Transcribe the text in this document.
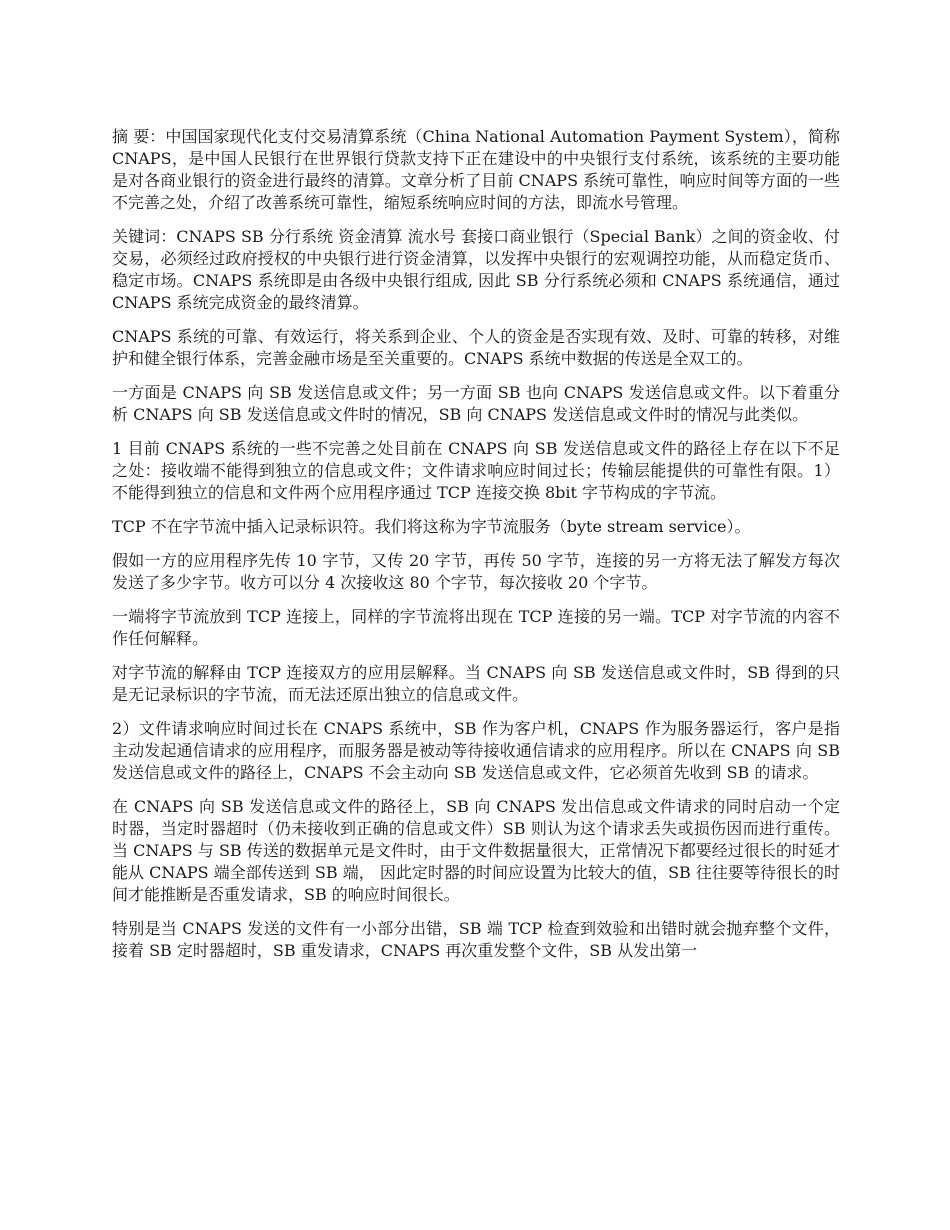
摘 要：中国国家现代化支付交易清算系统（China National Automation Payment System），简称 CNAPS，是中国人民银行在世界银行贷款支持下正在建设中的中央银行支付系统，该系统的主要功能是对各商业银行的资金进行最终的清算。文章分析了目前 CNAPS 系统可靠性，响应时间等方面的一些不完善之处，介绍了改善系统可靠性，缩短系统响应时间的方法，即流水号管理。

关键词：CNAPS SB 分行系统 资金清算 流水号 套接口商业银行（Special Bank）之间的资金收、付交易，必须经过政府授权的中央银行进行资金清算，以发挥中央银行的宏观调控功能，从而稳定货币、稳定市场。CNAPS 系统即是由各级中央银行组成, 因此 SB 分行系统必须和 CNAPS 系统通信，通过 CNAPS 系统完成资金的最终清算。

CNAPS 系统的可靠、有效运行，将关系到企业、个人的资金是否实现有效、及时、可靠的转移，对维护和健全银行体系，完善金融市场是至关重要的。CNAPS 系统中数据的传送是全双工的。

一方面是 CNAPS 向 SB 发送信息或文件；另一方面 SB 也向 CNAPS 发送信息或文件。以下着重分析 CNAPS 向 SB 发送信息或文件时的情况，SB 向 CNAPS 发送信息或文件时的情况与此类似。

1 目前 CNAPS 系统的一些不完善之处目前在 CNAPS 向 SB 发送信息或文件的路径上存在以下不足之处：接收端不能得到独立的信息或文件；文件请求响应时间过长；传输层能提供的可靠性有限。1） 不能得到独立的信息和文件两个应用程序通过 TCP 连接交换 8bit 字节构成的字节流。

TCP 不在字节流中插入记录标识符。我们将这称为字节流服务（byte stream service）。

假如一方的应用程序先传 10 字节，又传 20 字节，再传 50 字节，连接的另一方将无法了解发方每次发送了多少字节。收方可以分 4 次接收这 80 个字节，每次接收 20 个字节。

一端将字节流放到 TCP 连接上，同样的字节流将出现在 TCP 连接的另一端。TCP 对字节流的内容不作任何解释。

对字节流的解释由 TCP 连接双方的应用层解释。当 CNAPS 向 SB 发送信息或文件时，SB 得到的只是无记录标识的字节流，而无法还原出独立的信息或文件。

2）文件请求响应时间过长在 CNAPS 系统中，SB 作为客户机，CNAPS 作为服务器运行，客户是指主动发起通信请求的应用程序，而服务器是被动等待接收通信请求的应用程序。所以在 CNAPS 向 SB 发送信息或文件的路径上，CNAPS 不会主动向 SB 发送信息或文件，它必须首先收到 SB 的请求。

在 CNAPS 向 SB 发送信息或文件的路径上，SB 向 CNAPS 发出信息或文件请求的同时启动一个定时器，当定时器超时（仍未接收到正确的信息或文件）SB 则认为这个请求丢失或损伤因而进行重传。当 CNAPS 与 SB 传送的数据单元是文件时，由于文件数据量很大，正常情况下都要经过很长的时延才能从 CNAPS 端全部传送到 SB 端， 因此定时器的时间应设置为比较大的值，SB 往往要等待很长的时间才能推断是否重发请求，SB 的响应时间很长。

特别是当 CNAPS 发送的文件有一小部分出错，SB 端 TCP 检查到效验和出错时就会抛弃整个文件，接着 SB 定时器超时，SB 重发请求，CNAPS 再次重发整个文件，SB 从发出第一
